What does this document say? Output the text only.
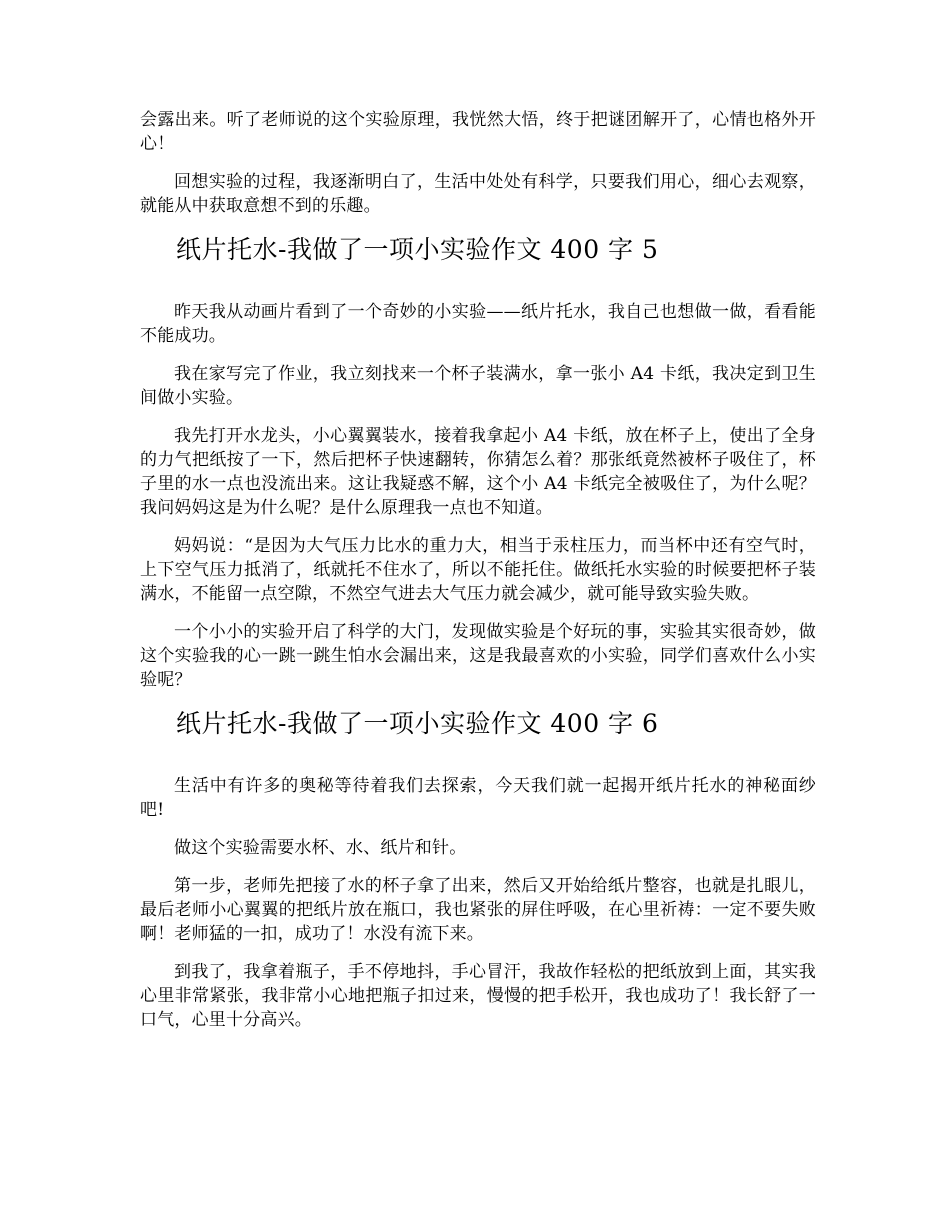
会露出来。听了老师说的这个实验原理，我恍然大悟，终于把谜团解开了，心情也格外开心！

回想实验的过程，我逐渐明白了，生活中处处有科学，只要我们用心，细心去观察，就能从中获取意想不到的乐趣。

纸片托水-我做了一项小实验作文 400 字 5

昨天我从动画片看到了一个奇妙的小实验——纸片托水，我自己也想做一做，看看能不能成功。

我在家写完了作业，我立刻找来一个杯子装满水，拿一张小 A4 卡纸，我决定到卫生间做小实验。

我先打开水龙头，小心翼翼装水，接着我拿起小 A4 卡纸，放在杯子上，使出了全身的力气把纸按了一下，然后把杯子快速翻转，你猜怎么着？那张纸竟然被杯子吸住了，杯子里的水一点也没流出来。这让我疑惑不解，这个小 A4 卡纸完全被吸住了，为什么呢？我问妈妈这是为什么呢？是什么原理我一点也不知道。

妈妈说：“是因为大气压力比水的重力大，相当于汞柱压力，而当杯中还有空气时，上下空气压力抵消了，纸就托不住水了，所以不能托住。做纸托水实验的时候要把杯子装满水，不能留一点空隙，不然空气进去大气压力就会减少，就可能导致实验失败。

一个小小的实验开启了科学的大门，发现做实验是个好玩的事，实验其实很奇妙，做这个实验我的心一跳一跳生怕水会漏出来，这是我最喜欢的小实验，同学们喜欢什么小实验呢？

纸片托水-我做了一项小实验作文 400 字 6

生活中有许多的奥秘等待着我们去探索，今天我们就一起揭开纸片托水的神秘面纱吧!

做这个实验需要水杯、水、纸片和针。

第一步，老师先把接了水的杯子拿了出来，然后又开始给纸片整容，也就是扎眼儿，最后老师小心翼翼的把纸片放在瓶口，我也紧张的屏住呼吸，在心里祈祷：一定不要失败啊！老师猛的一扣，成功了！水没有流下来。

到我了，我拿着瓶子，手不停地抖，手心冒汗，我故作轻松的把纸放到上面，其实我心里非常紧张，我非常小心地把瓶子扣过来，慢慢的把手松开，我也成功了！我长舒了一口气，心里十分高兴。
